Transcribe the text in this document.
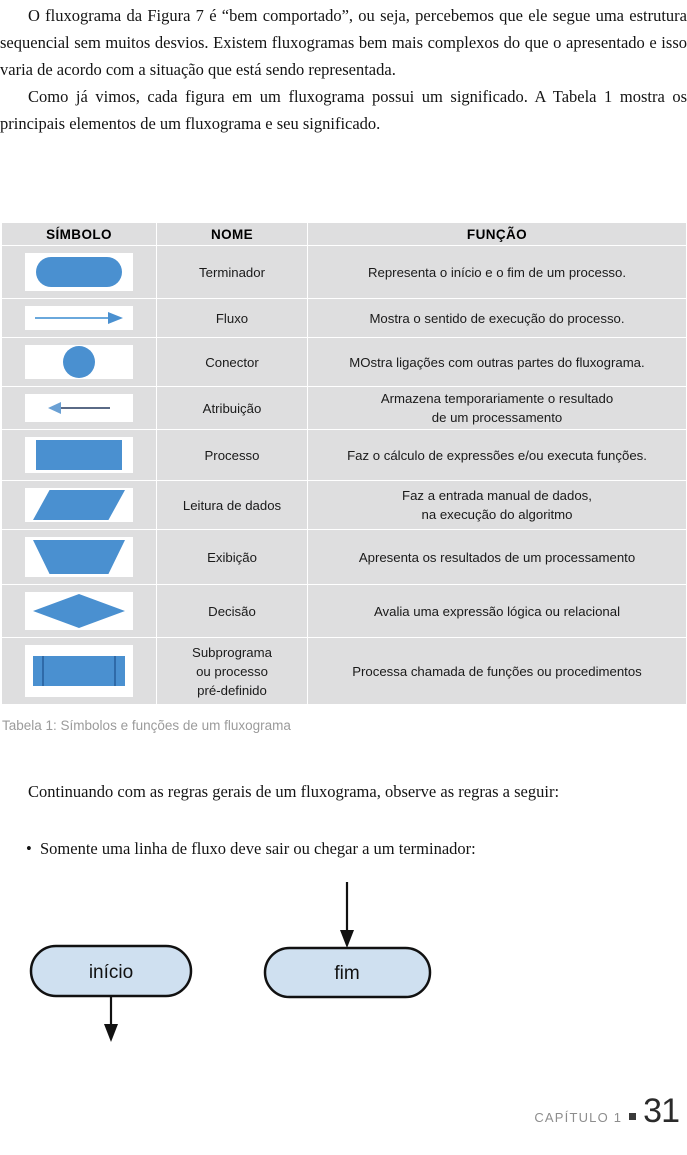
O fluxograma da Figura 7 é “bem comportado”, ou seja, percebemos que ele segue uma estrutura sequencial sem muitos desvios. Existem fluxogramas bem mais complexos do que o apresentado e isso varia de acordo com a situação que está sendo representada.

Como já vimos, cada figura em um fluxograma possui um significado. A Tabela 1 mostra os principais elementos de um fluxograma e seu significado.

SÍMBOLO	NOME	FUNÇÃO

	Terminador	Representa o início e o fim de um processo.

	Fluxo	Mostra o sentido de execução do processo.

	Conector	MOstra ligações com outras partes do fluxograma.

	Atribuição	Armazena temporariamente o resultado
de um processamento

	Processo	Faz o cálculo de expressões e/ou executa funções.

	Leitura de dados	Faz a entrada manual de dados,
na execução do algoritmo

	Exibição	Apresenta os resultados de um processamento

	Decisão	Avalia uma expressão lógica ou relacional

	Subprograma
ou processo
pré-definido	Processa chamada de funções ou procedimentos
Tabela 1: Símbolos e funções de um fluxograma

Continuando com as regras gerais de um fluxograma, observe as regras a seguir:

• Somente uma linha de fluxo deve sair ou chegar a um terminador:
início	fim
CAPÍTULO 1 31
